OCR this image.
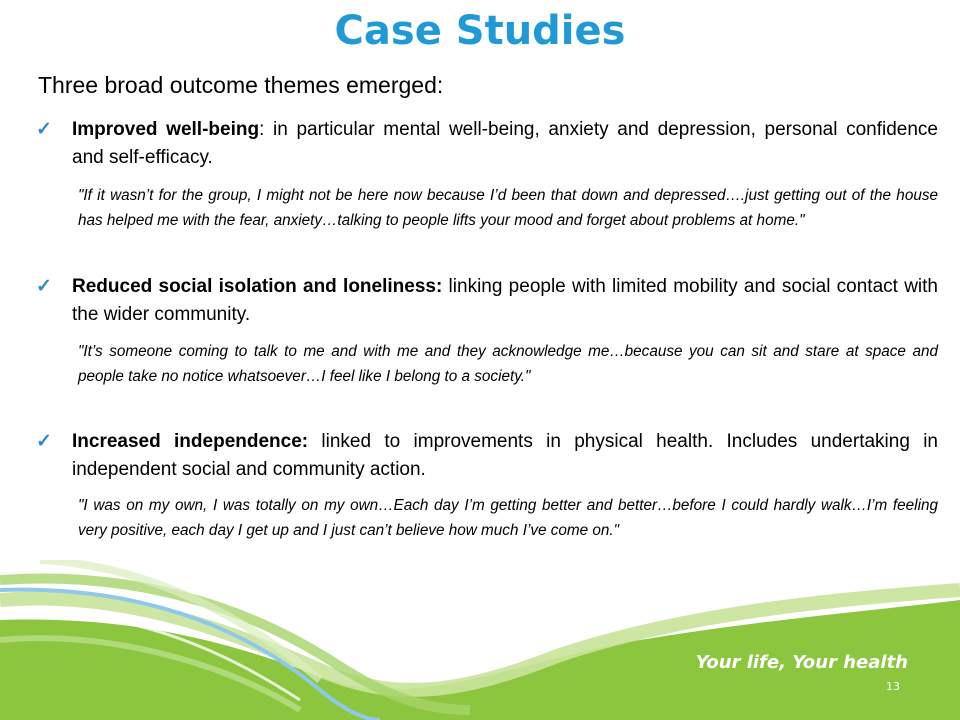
Case Studies
Three broad outcome themes emerged:
✓ Improved well-being: in particular mental well-being, anxiety and depression, personal confidence and self-efficacy.
"If it wasn’t for the group, I might not be here now because I’d been that down and depressed….just getting out of the house has helped me with the fear, anxiety…talking to people lifts your mood and forget about problems at home."
✓ Reduced social isolation and loneliness: linking people with limited mobility and social contact with the wider community.
"It’s someone coming to talk to me and with me and they acknowledge me…because you can sit and stare at space and people take no notice whatsoever…I feel like I belong to a society."
✓ Increased independence: linked to improvements in physical health. Includes undertaking in independent social and community action.
"I was on my own, I was totally on my own…Each day I’m getting better and better…before I could hardly walk…I’m feeling very positive, each day I get up and I just can’t believe how much I’ve come on."
Your life, Your health
13
